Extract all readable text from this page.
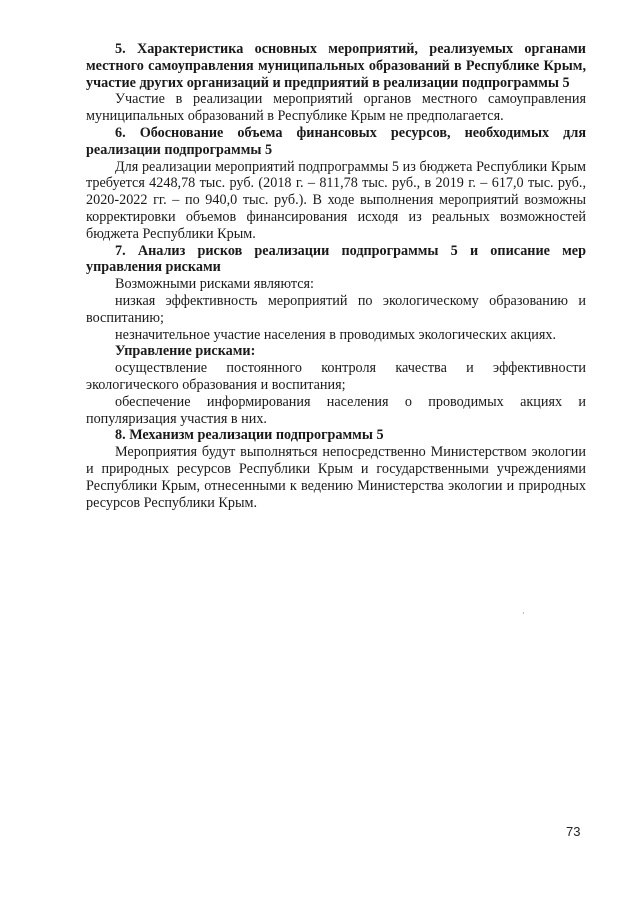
5. Характеристика основных мероприятий, реализуемых органами местного самоуправления муниципальных образований в Республике Крым, участие других организаций и предприятий в реализации подпрограммы 5

Участие в реализации мероприятий органов местного самоуправления муниципальных образований в Республике Крым не предполагается.

6. Обоснование объема финансовых ресурсов, необходимых для реализации подпрограммы 5

Для реализации мероприятий подпрограммы 5 из бюджета Республики Крым требуется 4248,78 тыс. руб. (2018 г. – 811,78 тыс. руб., в 2019 г. – 617,0 тыс. руб., 2020-2022 гг. – по 940,0 тыс. руб.). В ходе выполнения мероприятий возможны корректировки объемов финансирования исходя из реальных возможностей бюджета Республики Крым.

7. Анализ рисков реализации подпрограммы 5 и описание мер управления рисками

Возможными рисками являются:

низкая эффективность мероприятий по экологическому образованию и воспитанию;

незначительное участие населения в проводимых экологических акциях.

Управление рисками:

осуществление постоянного контроля качества и эффективности экологического образования и воспитания;

обеспечение информирования населения о проводимых акциях и популяризация участия в них.

8. Механизм реализации подпрограммы 5

Мероприятия будут выполняться непосредственно Министерством экологии и природных ресурсов Республики Крым и государственными учреждениями Республики Крым, отнесенными к ведению Министерства экологии и природных ресурсов Республики Крым.

73
